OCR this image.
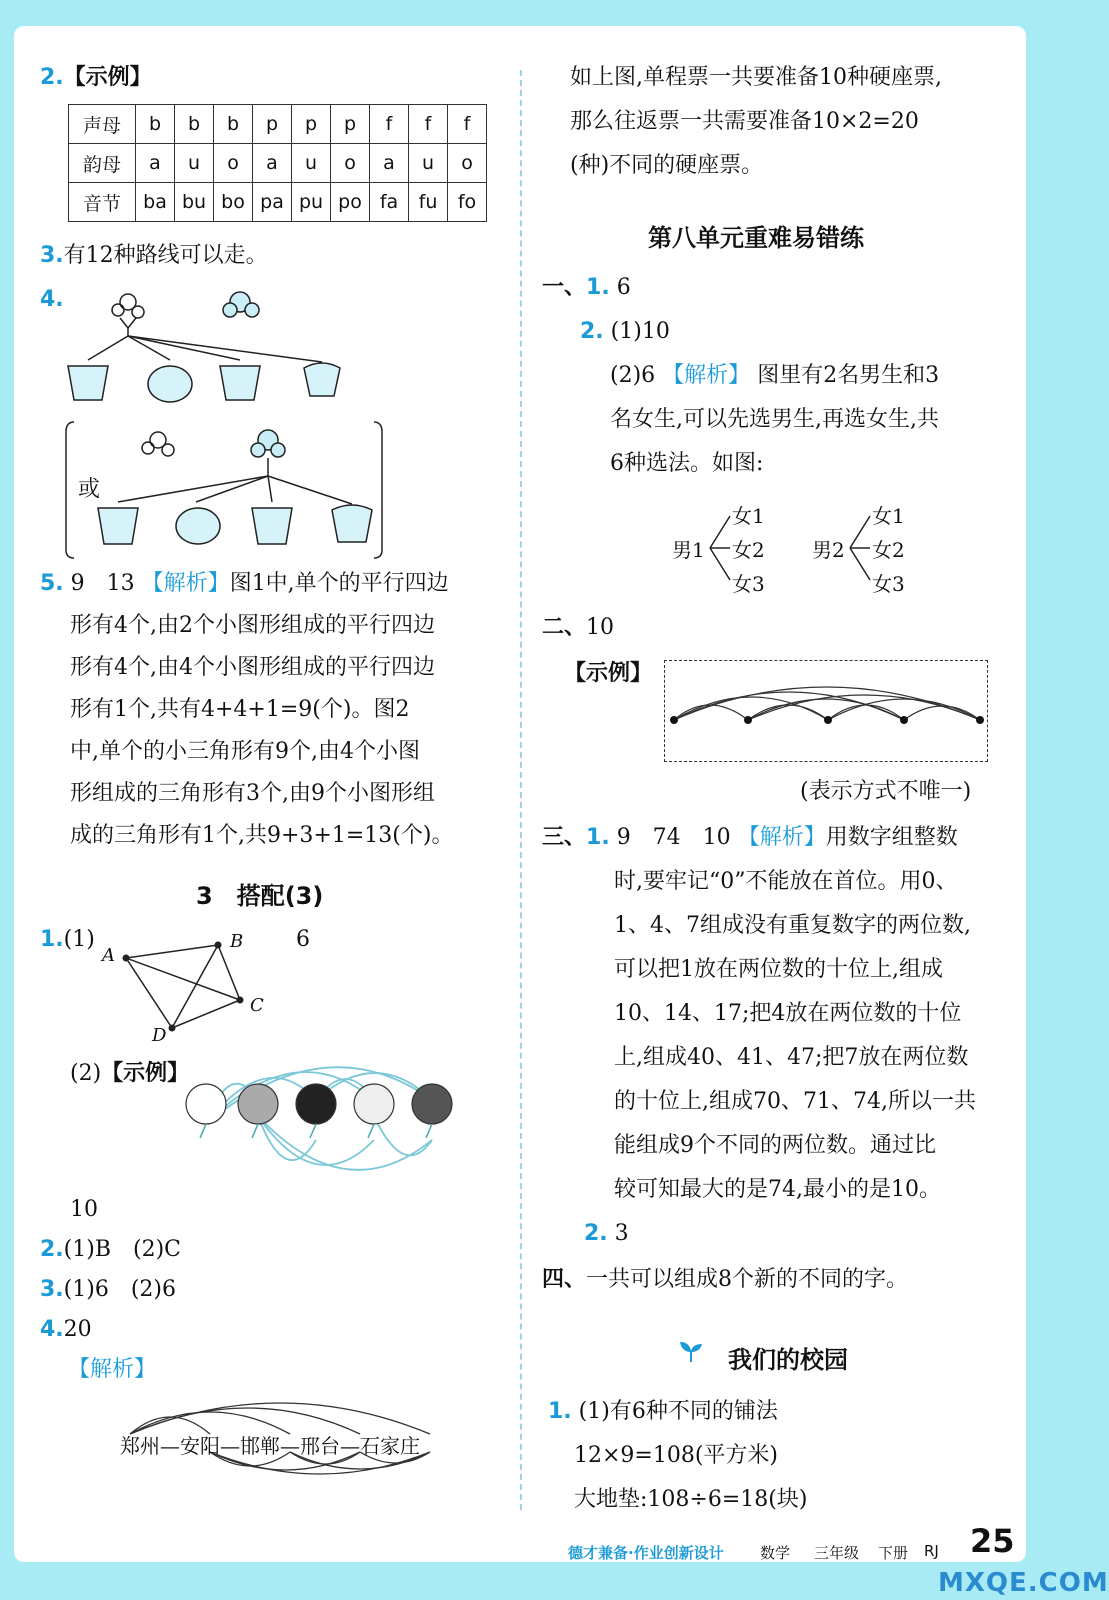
2.【示例】
声母	b	b	b	p	p	p	f	f	f
韵母	a	u	o	a	u	o	a	u	o
音节	ba	bu	bo	pa	pu	po	fa	fu	fo
3.有12种路线可以走。
4.
或
5. 9　13 【解析】图1中,单个的平行四边
形有4个,由2个小图形组成的平行四边
形有4个,由4个小图形组成的平行四边
形有1个,共有4+4+1=9(个)。图2
中,单个的小三角形有9个,由4个小图
形组成的三角形有3个,由9个小图形组
成的三角形有1个,共9+3+1=13(个)。
3　搭配(3)
1.(1)	6
A
B
C
D
(2)【示例】
10
2.(1)B　(2)C
3.(1)6　(2)6
4.20
【解析】
郑州—安阳—邯郸—邢台—石家庄
如上图,单程票一共要准备10种硬座票,
那么往返票一共需要准备10×2=20
(种)不同的硬座票。
第八单元重难易错练
一、1. 6
2. (1)10
(2)6 【解析】 图里有2名男生和3
名女生,可以先选男生,再选女生,共
6种选法。如图:
男1
女1
女2
女3
男2
女1
女2
女3
二、10
【示例】
(表示方式不唯一)
三、1. 9　74　10 【解析】用数字组整数
时,要牢记“0”不能放在首位。用0、
1、4、7组成没有重复数字的两位数,
可以把1放在两位数的十位上,组成
10、14、17;把4放在两位数的十位
上,组成40、41、47;把7放在两位数
的十位上,组成70、71、74,所以一共
能组成9个不同的两位数。通过比
较可知最大的是74,最小的是10。
2. 3
四、一共可以组成8个新的不同的字。
我们的校园
1. (1)有6种不同的铺法
12×9=108(平方米)
大地垫:108÷6=18(块)
德才兼备·作业创新设计 数学 三年级 下册 RJ 25
MXQE.COM
